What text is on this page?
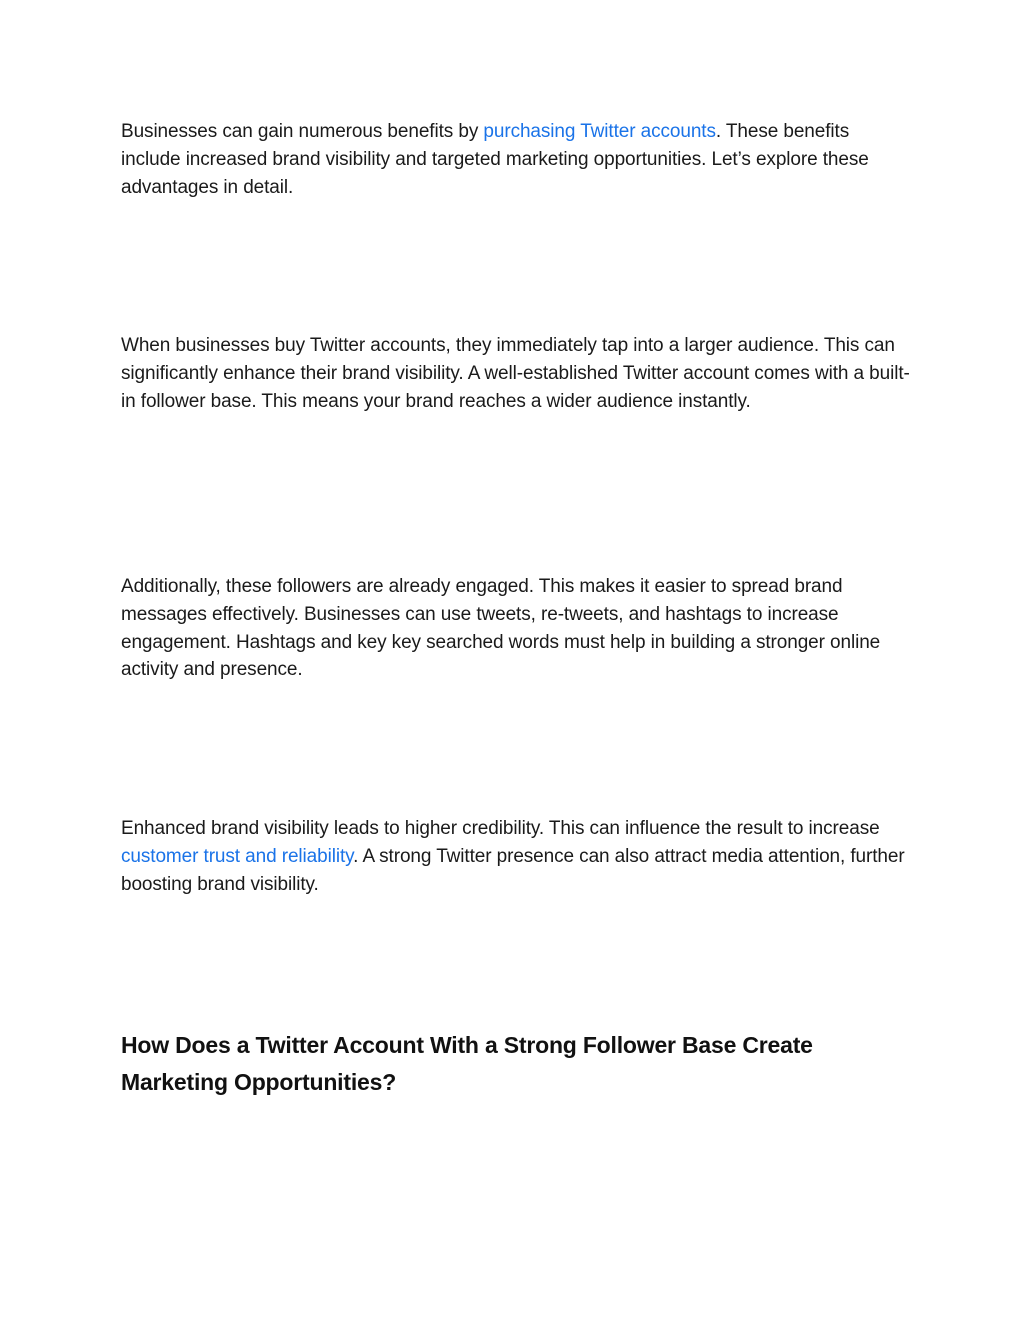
Businesses can gain numerous benefits by purchasing Twitter accounts. These benefits include increased brand visibility and targeted marketing opportunities. Let’s explore these advantages in detail.

When businesses buy Twitter accounts, they immediately tap into a larger audience. This can significantly enhance their brand visibility. A well-established Twitter account comes with a built-in follower base. This means your brand reaches a wider audience instantly.

Additionally, these followers are already engaged. This makes it easier to spread brand messages effectively. Businesses can use tweets, re-tweets, and hashtags to increase engagement. Hashtags and key key searched words must help in building a stronger online activity and presence.

Enhanced brand visibility leads to higher credibility. This can influence the result to increase customer trust and reliability. A strong Twitter presence can also attract media attention, further boosting brand visibility.

How Does a Twitter Account With a Strong Follower Base Create Marketing Opportunities?
